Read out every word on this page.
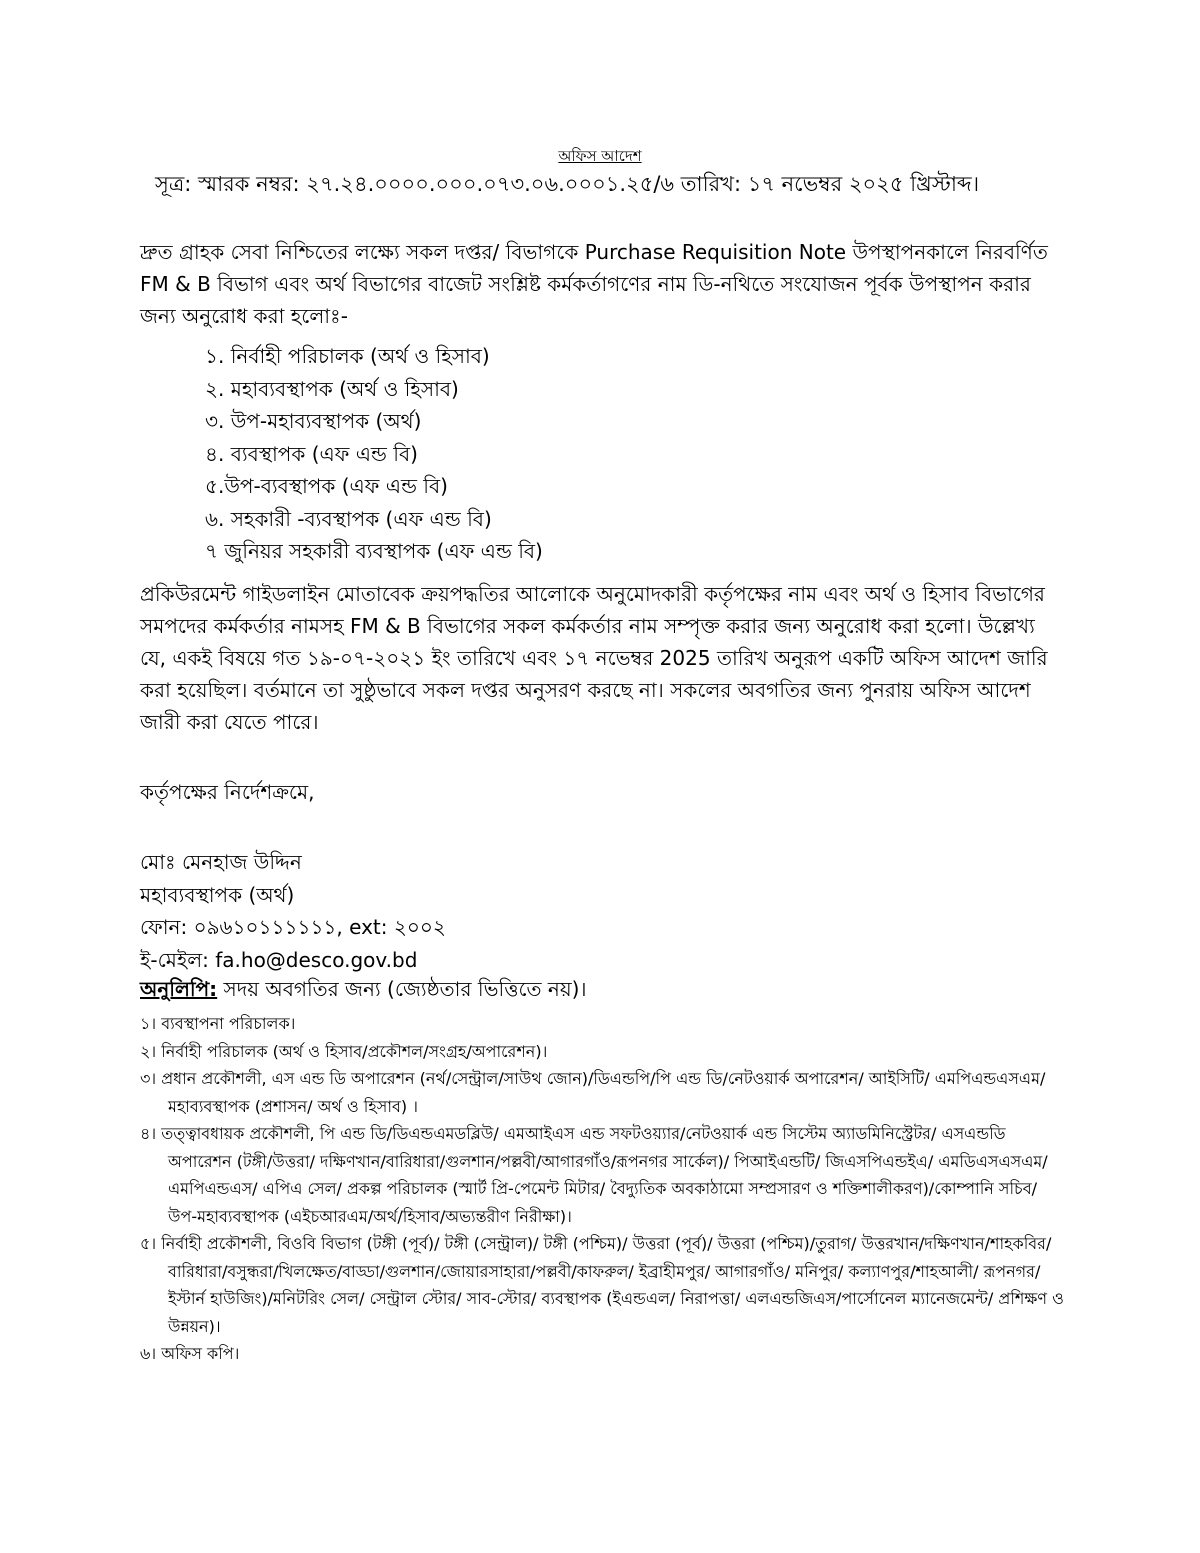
অফিস আদেশ
সূত্র: স্মারক নম্বর: ২৭.২৪.০০০০.০০০.০৭৩.০৬.০০০১.২৫/৬ তারিখ: ১৭ নভেম্বর ২০২৫ খ্রিস্টাব্দ।
দ্রুত গ্রাহক সেবা নিশ্চিতের লক্ষ্যে সকল দপ্তর/ বিভাগকে Purchase Requisition Note উপস্থাপনকালে নিরবর্ণিত FM & B বিভাগ এবং অর্থ বিভাগের বাজেট সংশ্লিষ্ট কর্মকর্তাগণের নাম ডি-নথিতে সংযোজন পূর্বক উপস্থাপন করার জন্য অনুরোধ করা হলোঃ-
১. নির্বাহী পরিচালক (অর্থ ও হিসাব)
২. মহাব্যবস্থাপক (অর্থ ও হিসাব)
৩. উপ-মহাব্যবস্থাপক (অর্থ)
৪. ব্যবস্থাপক (এফ এন্ড বি)
৫.উপ-ব্যবস্থাপক (এফ এন্ড বি)
৬. সহকারী -ব্যবস্থাপক (এফ এন্ড বি)
৭ জুনিয়র সহকারী ব্যবস্থাপক (এফ এন্ড বি)
প্রকিউরমেন্ট গাইডলাইন মোতাবেক ক্রয়পদ্ধতির আলোকে অনুমোদকারী কর্তৃপক্ষের নাম এবং অর্থ ও হিসাব বিভাগের সমপদের কর্মকর্তার নামসহ FM & B বিভাগের সকল কর্মকর্তার নাম সম্পৃক্ত করার জন্য অনুরোধ করা হলো। উল্লেখ্য যে, একই বিষয়ে গত ১৯-০৭-২০২১ ইং তারিখে এবং ১৭ নভেম্বর 2025 তারিখ অনুরূপ একটি অফিস আদেশ জারি করা হয়েছিল। বর্তমানে তা সুষ্ঠুভাবে সকল দপ্তর অনুসরণ করছে না। সকলের অবগতির জন্য পুনরায় অফিস আদেশ জারী করা যেতে পারে।
কর্তৃপক্ষের নির্দেশক্রমে,
মোঃ মেনহাজ উদ্দিন
মহাব্যবস্থাপক (অর্থ)
ফোন: ০৯৬১০১১১১১১, ext: ২০০২
ই-মেইল: fa.ho@desco.gov.bd
অনুলিপি: সদয় অবগতির জন্য (জ্যেষ্ঠতার ভিত্তিতে নয়)।
১। ব্যবস্থাপনা পরিচালক।
২। নির্বাহী পরিচালক (অর্থ ও হিসাব/প্রকৌশল/সংগ্রহ/অপারেশন)।
৩। প্রধান প্রকৌশলী, এস এন্ড ডি অপারেশন (নর্থ/সেন্ট্রাল/সাউথ জোন)/ডিএন্ডপি/পি এন্ড ডি/নেটওয়ার্ক অপারেশন/ আইসিটি/ এমপিএন্ডএসএম/মহাব্যবস্থাপক (প্রশাসন/ অর্থ ও হিসাব) ।
৪। তত্ত্বাবধায়ক প্রকৌশলী, পি এন্ড ডি/ডিএন্ডএমডব্লিউ/ এমআইএস এন্ড সফটওয়্যার/নেটওয়ার্ক এন্ড সিস্টেম অ্যাডমিনিস্ট্রেটর/ এসএন্ডডি অপারেশন (টঙ্গী/উত্তরা/ দক্ষিণখান/বারিধারা/গুলশান/পল্লবী/আগারগাঁও/রূপনগর সার্কেল)/ পিআইএন্ডটি/ জিএসপিএন্ডইএ/ এমডিএসএসএম/ এমপিএন্ডএস/ এপিএ সেল/ প্রকল্প পরিচালক (স্মার্ট প্রি-পেমেন্ট মিটার/ বৈদ্যুতিক অবকাঠামো সম্প্রসারণ ও শক্তিশালীকরণ)/কোম্পানি সচিব/ উপ-মহাব্যবস্থাপক (এইচআরএম/অর্থ/হিসাব/অভ্যন্তরীণ নিরীক্ষা)।
৫। নির্বাহী প্রকৌশলী, বিওবি বিভাগ (টঙ্গী (পূর্ব)/ টঙ্গী (সেন্ট্রাল)/ টঙ্গী (পশ্চিম)/ উত্তরা (পূর্ব)/ উত্তরা (পশ্চিম)/তুরাগ/ উত্তরখান/দক্ষিণখান/শাহকবির/বারিধারা/বসুন্ধরা/খিলক্ষেত/বাড্ডা/গুলশান/জোয়ারসাহারা/পল্লবী/কাফরুল/ ইব্রাহীমপুর/ আগারগাঁও/ মনিপুর/ কল্যাণপুর/শাহআলী/ রূপনগর/ ইস্টার্ন হাউজিং)/মনিটরিং সেল/ সেন্ট্রাল স্টোর/ সাব-স্টোর/ ব্যবস্থাপক (ইএন্ডএল/ নিরাপত্তা/ এলএন্ডজিএস/পার্সোনেল ম্যানেজমেন্ট/ প্রশিক্ষণ ও উন্নয়ন)।
৬। অফিস কপি।
